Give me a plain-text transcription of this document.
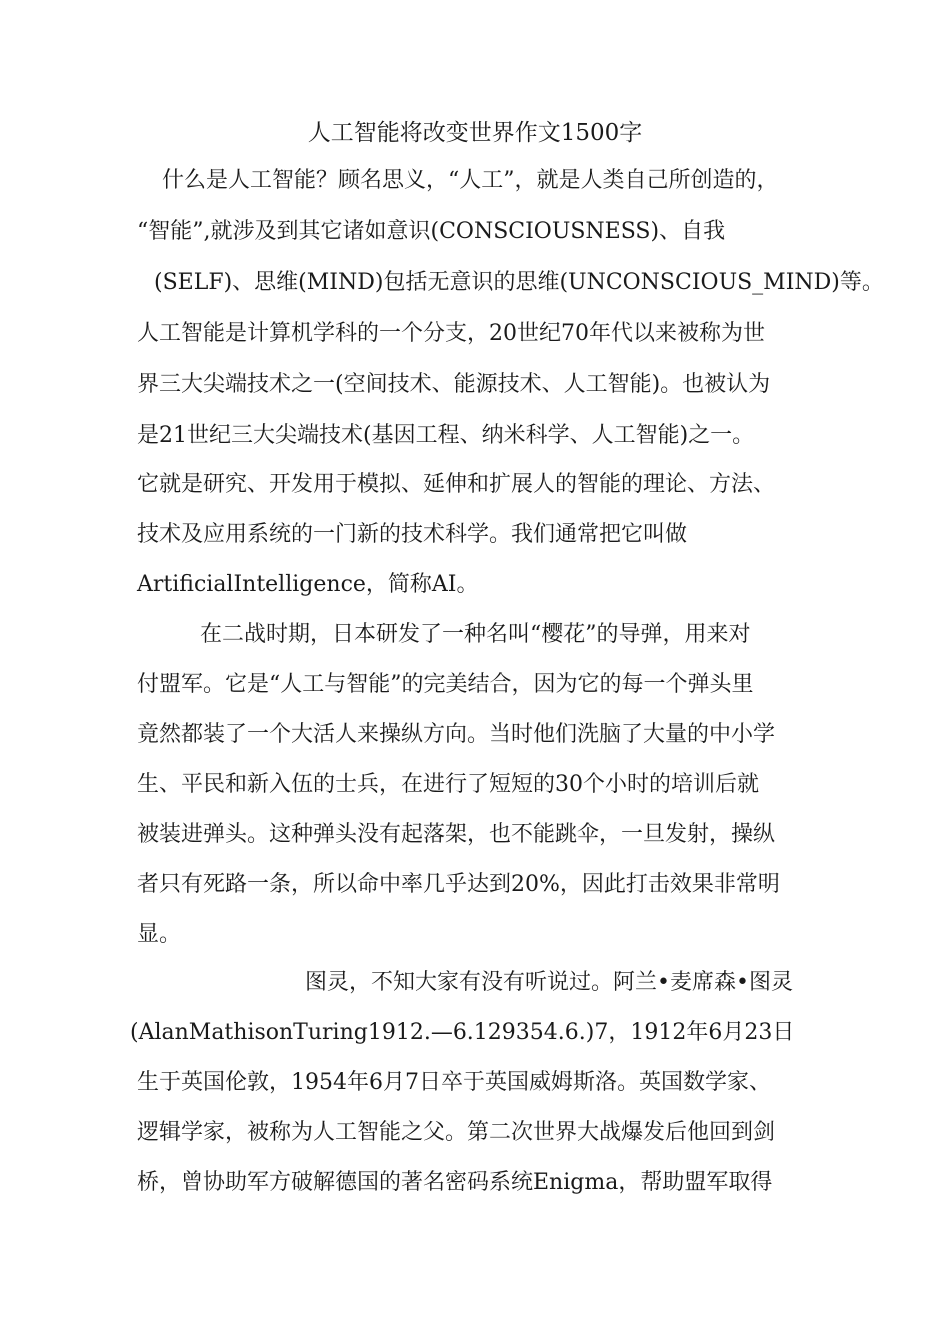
人工智能将改变世界作文1500字
什么是人工智能？顾名思义，“人工”，就是人类自己所创造的，
“智能”,就涉及到其它诸如意识(CONSCIOUSNESS)、自我
(SELF)、思维(MIND)包括无意识的思维(UNCONSCIOUS_MIND)等。
人工智能是计算机学科的一个分支，20世纪70年代以来被称为世
界三大尖端技术之一(空间技术、能源技术、人工智能)。也被认为
是21世纪三大尖端技术(基因工程、纳米科学、人工智能)之一。
它就是研究、开发用于模拟、延伸和扩展人的智能的理论、方法、
技术及应用系统的一门新的技术科学。我们通常把它叫做
ArtificialIntelligence，简称AI。
在二战时期，日本研发了一种名叫“樱花”的导弹，用来对
付盟军。它是“人工与智能”的完美结合，因为它的每一个弹头里
竟然都装了一个大活人来操纵方向。当时他们洗脑了大量的中小学
生、平民和新入伍的士兵，在进行了短短的30个小时的培训后就
被装进弹头。这种弹头没有起落架，也不能跳伞，一旦发射，操纵
者只有死路一条，所以命中率几乎达到20%，因此打击效果非常明
显。
图灵，不知大家有没有听说过。阿兰•麦席森•图灵
(AlanMathisonTuring1912.—6.129354.6.)7，1912年6月23日
生于英国伦敦，1954年6月7日卒于英国威姆斯洛。英国数学家、
逻辑学家，被称为人工智能之父。第二次世界大战爆发后他回到剑
桥，曾协助军方破解德国的著名密码系统Enigma，帮助盟军取得
